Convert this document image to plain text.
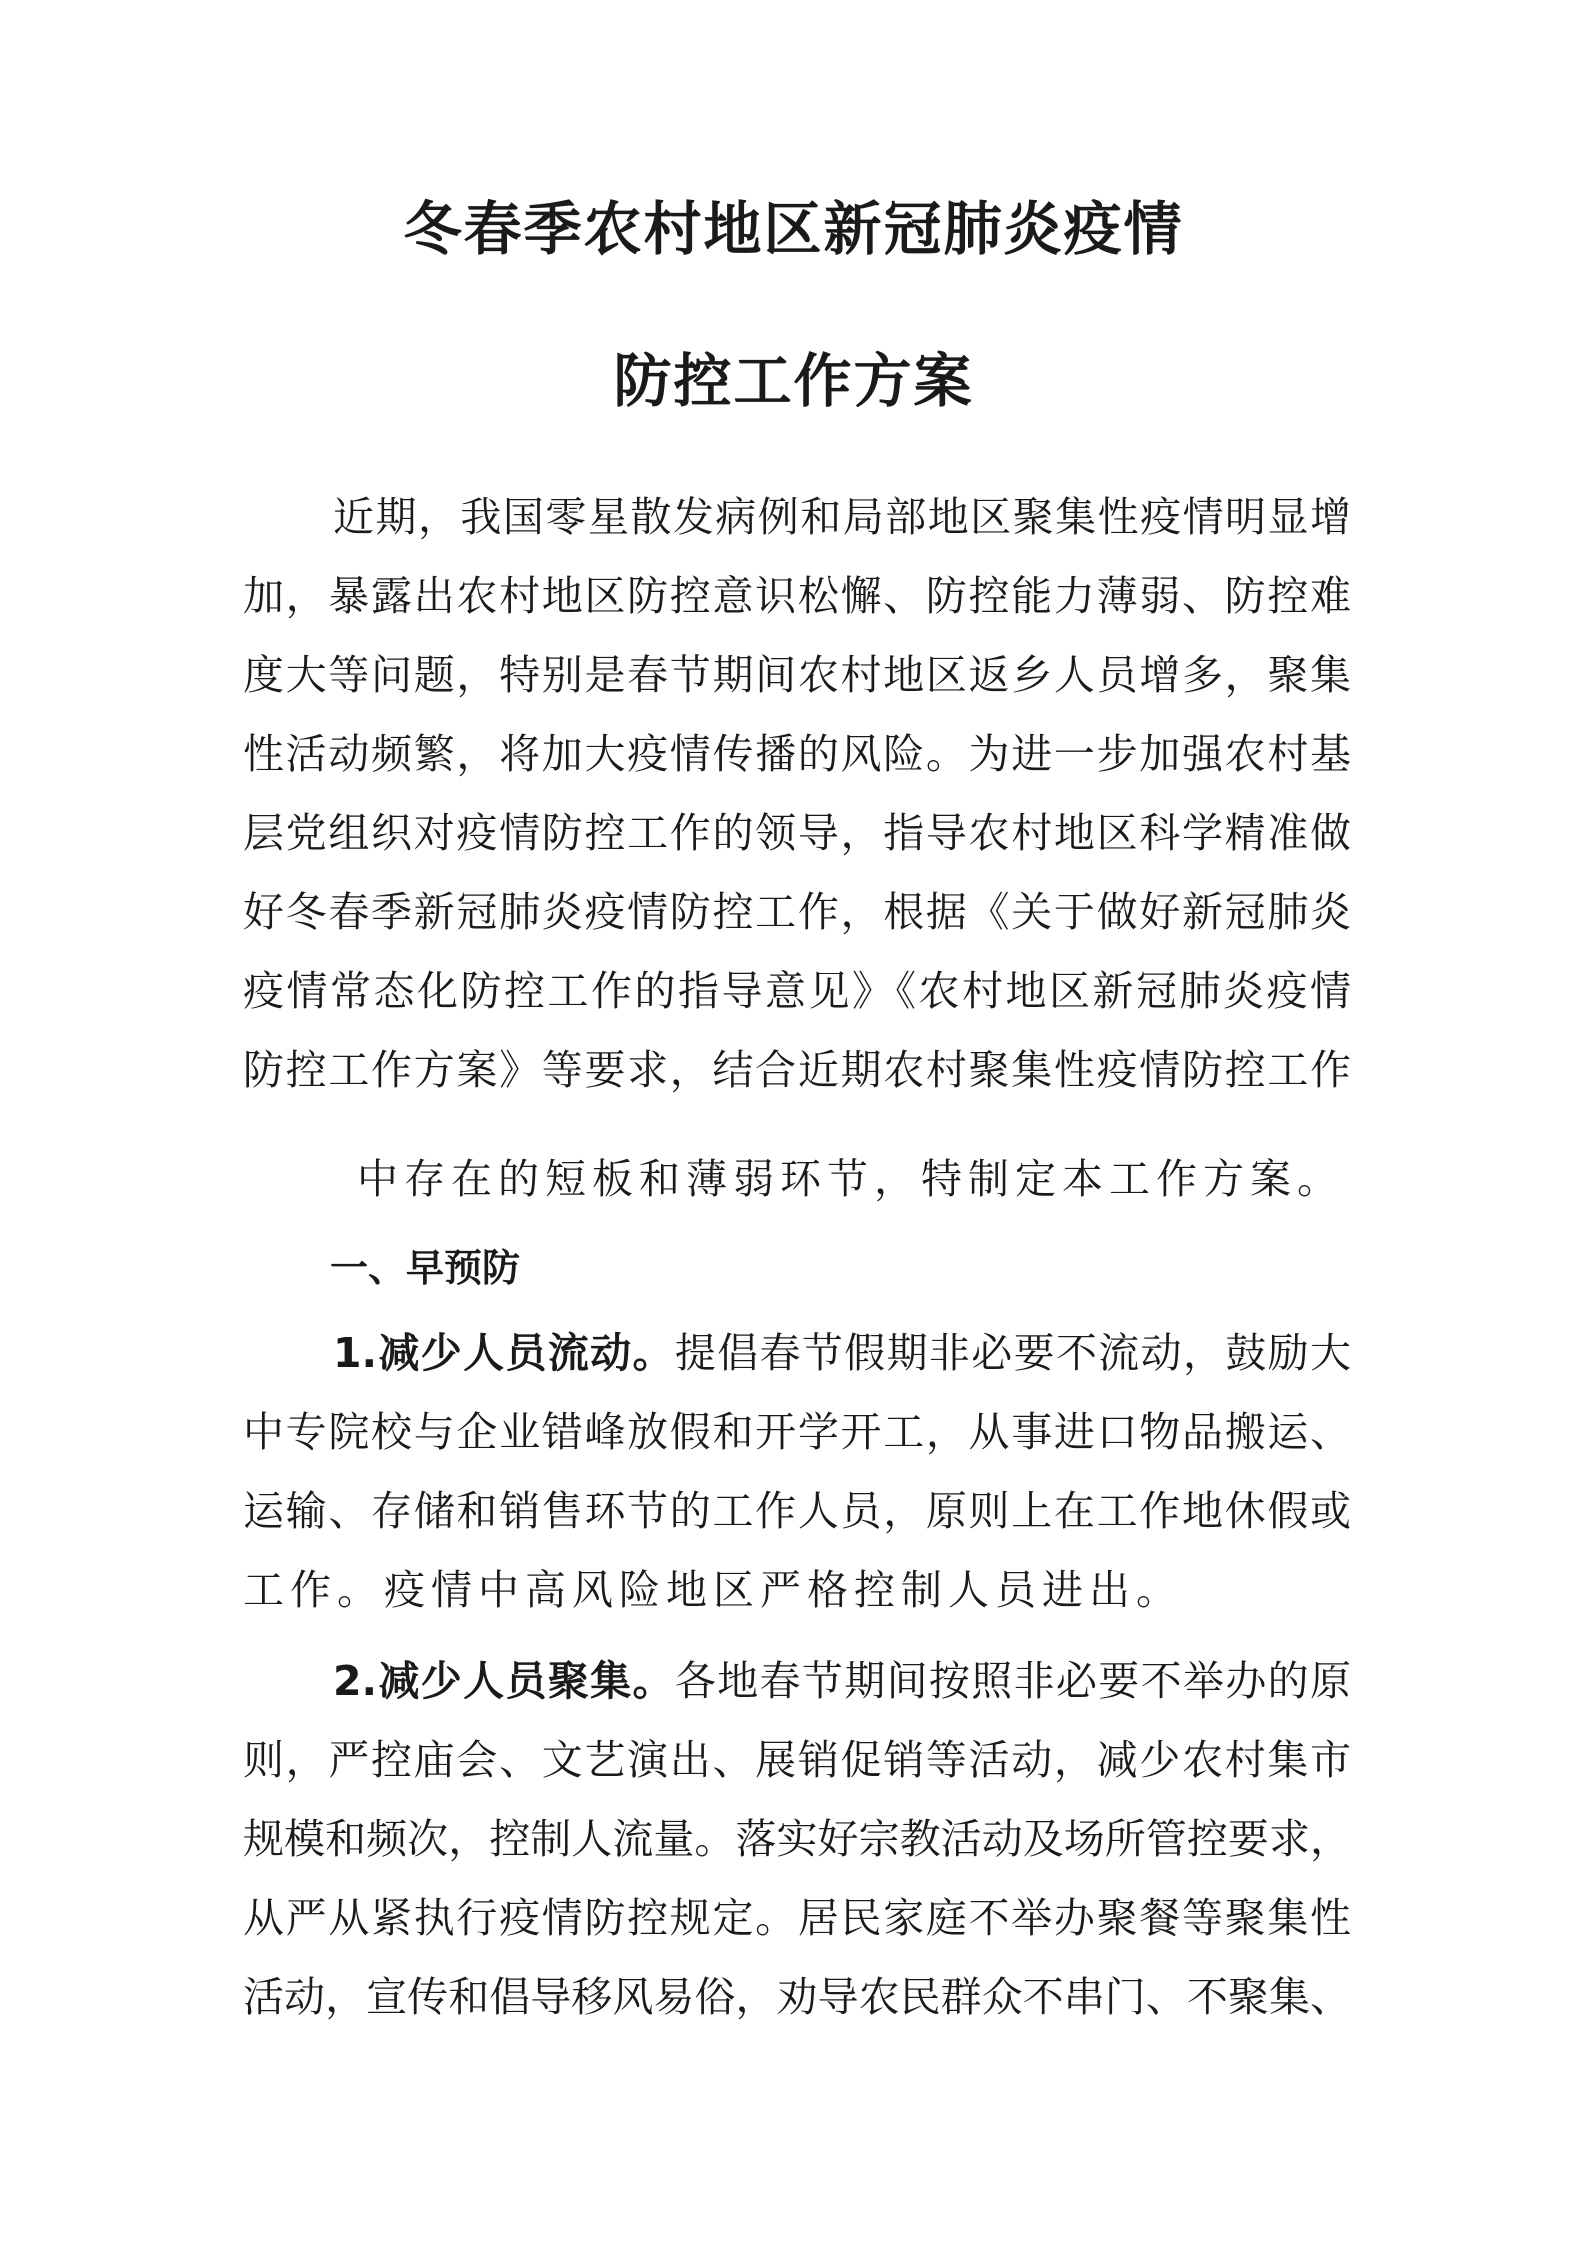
冬春季农村地区新冠肺炎疫情
防控工作方案
近期，我国零星散发病例和局部地区聚集性疫情明显增
加，暴露出农村地区防控意识松懈、防控能力薄弱、防控难
度大等问题，特别是春节期间农村地区返乡人员增多，聚集
性活动频繁，将加大疫情传播的风险。为进一步加强农村基
层党组织对疫情防控工作的领导，指导农村地区科学精准做
好冬春季新冠肺炎疫情防控工作，根据《关于做好新冠肺炎
疫情常态化防控工作的指导意见》《农村地区新冠肺炎疫情
防控工作方案》等要求，结合近期农村聚集性疫情防控工作
中存在的短板和薄弱环节，特制定本工作方案。
一、早预防
1.减少人员流动。提倡春节假期非必要不流动，鼓励大
中专院校与企业错峰放假和开学开工，从事进口物品搬运、
运输、存储和销售环节的工作人员，原则上在工作地休假或
工作。疫情中高风险地区严格控制人员进出。
2.减少人员聚集。各地春节期间按照非必要不举办的原
则，严控庙会、文艺演出、展销促销等活动，减少农村集市
规模和频次，控制人流量。落实好宗教活动及场所管控要求，
从严从紧执行疫情防控规定。居民家庭不举办聚餐等聚集性
活动，宣传和倡导移风易俗，劝导农民群众不串门、不聚集、
